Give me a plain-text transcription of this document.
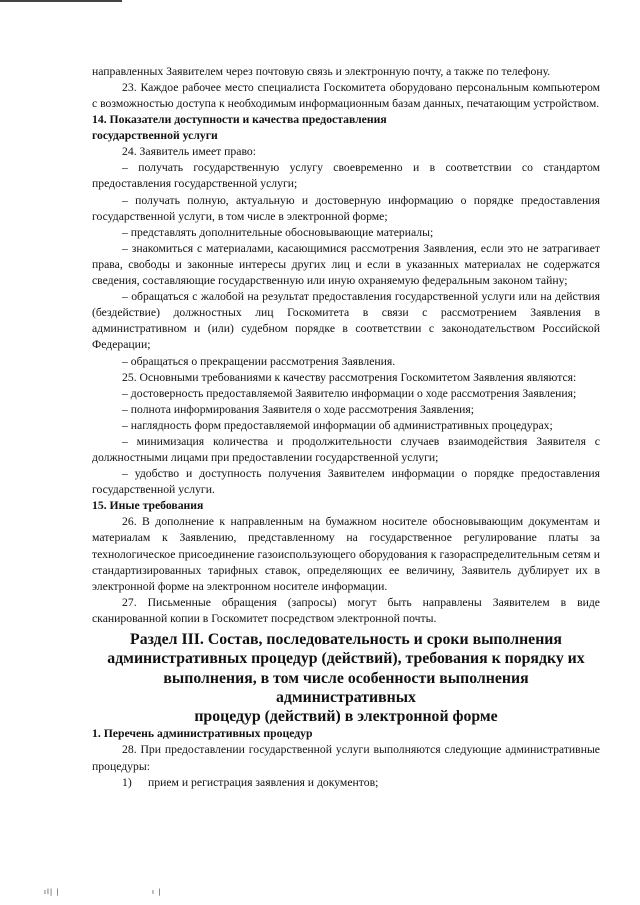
направленных Заявителем через почтовую связь и электронную почту, а также по телефону.

23. Каждое рабочее место специалиста Госкомитета оборудовано персональным компьютером с возможностью доступа к необходимым информационным базам данных, печатающим устройством.

14. Показатели доступности и качества предоставления

государственной услуги

24. Заявитель имеет право:

– получать государственную услугу своевременно и в соответствии со стандартом предоставления государственной услуги;

– получать полную, актуальную и достоверную информацию о порядке предоставления государственной услуги, в том числе в электронной форме;

– представлять дополнительные обосновывающие материалы;

– знакомиться с материалами, касающимися рассмотрения Заявления, если это не затрагивает права, свободы и законные интересы других лиц и если в указанных материалах не содержатся сведения, составляющие государственную или иную охраняемую федеральным законом тайну;

– обращаться с жалобой на результат предоставления государственной услуги или на действия (бездействие) должностных лиц Госкомитета в связи с рассмотрением Заявления в административном и (или) судебном порядке в соответствии с законодательством Российской Федерации;

– обращаться о прекращении рассмотрения Заявления.

25. Основными требованиями к качеству рассмотрения Госкомитетом Заявления являются:

– достоверность предоставляемой Заявителю информации о ходе рассмотрения Заявления;

– полнота информирования Заявителя о ходе рассмотрения Заявления;

– наглядность форм предоставляемой информации об административных процедурах;

– минимизация количества и продолжительности случаев взаимодействия Заявителя с должностными лицами при предоставлении государственной услуги;

– удобство и доступность получения Заявителем информации о порядке предоставления государственной услуги.

15. Иные требования

26. В дополнение к направленным на бумажном носителе обосновывающим документам и материалам к Заявлению, представленному на государственное регулирование платы за технологическое присоединение газоиспользующего оборудования к газораспределительным сетям и стандартизированных тарифных ставок, определяющих ее величину, Заявитель дублирует их в электронной форме на электронном носителе информации.

27. Письменные обращения (запросы) могут быть направлены Заявителем в виде сканированной копии в Госкомитет посредством электронной почты.

Раздел III. Состав, последовательность и сроки выполнения
административных процедур (действий), требования к порядку их
выполнения, в том числе особенности выполнения административных
процедур (действий) в электронной форме

1. Перечень административных процедур

28. При предоставлении государственной услуги выполняются следующие административные процедуры:

1)	прием и регистрация заявления и документов;
ıl| |	ı |
